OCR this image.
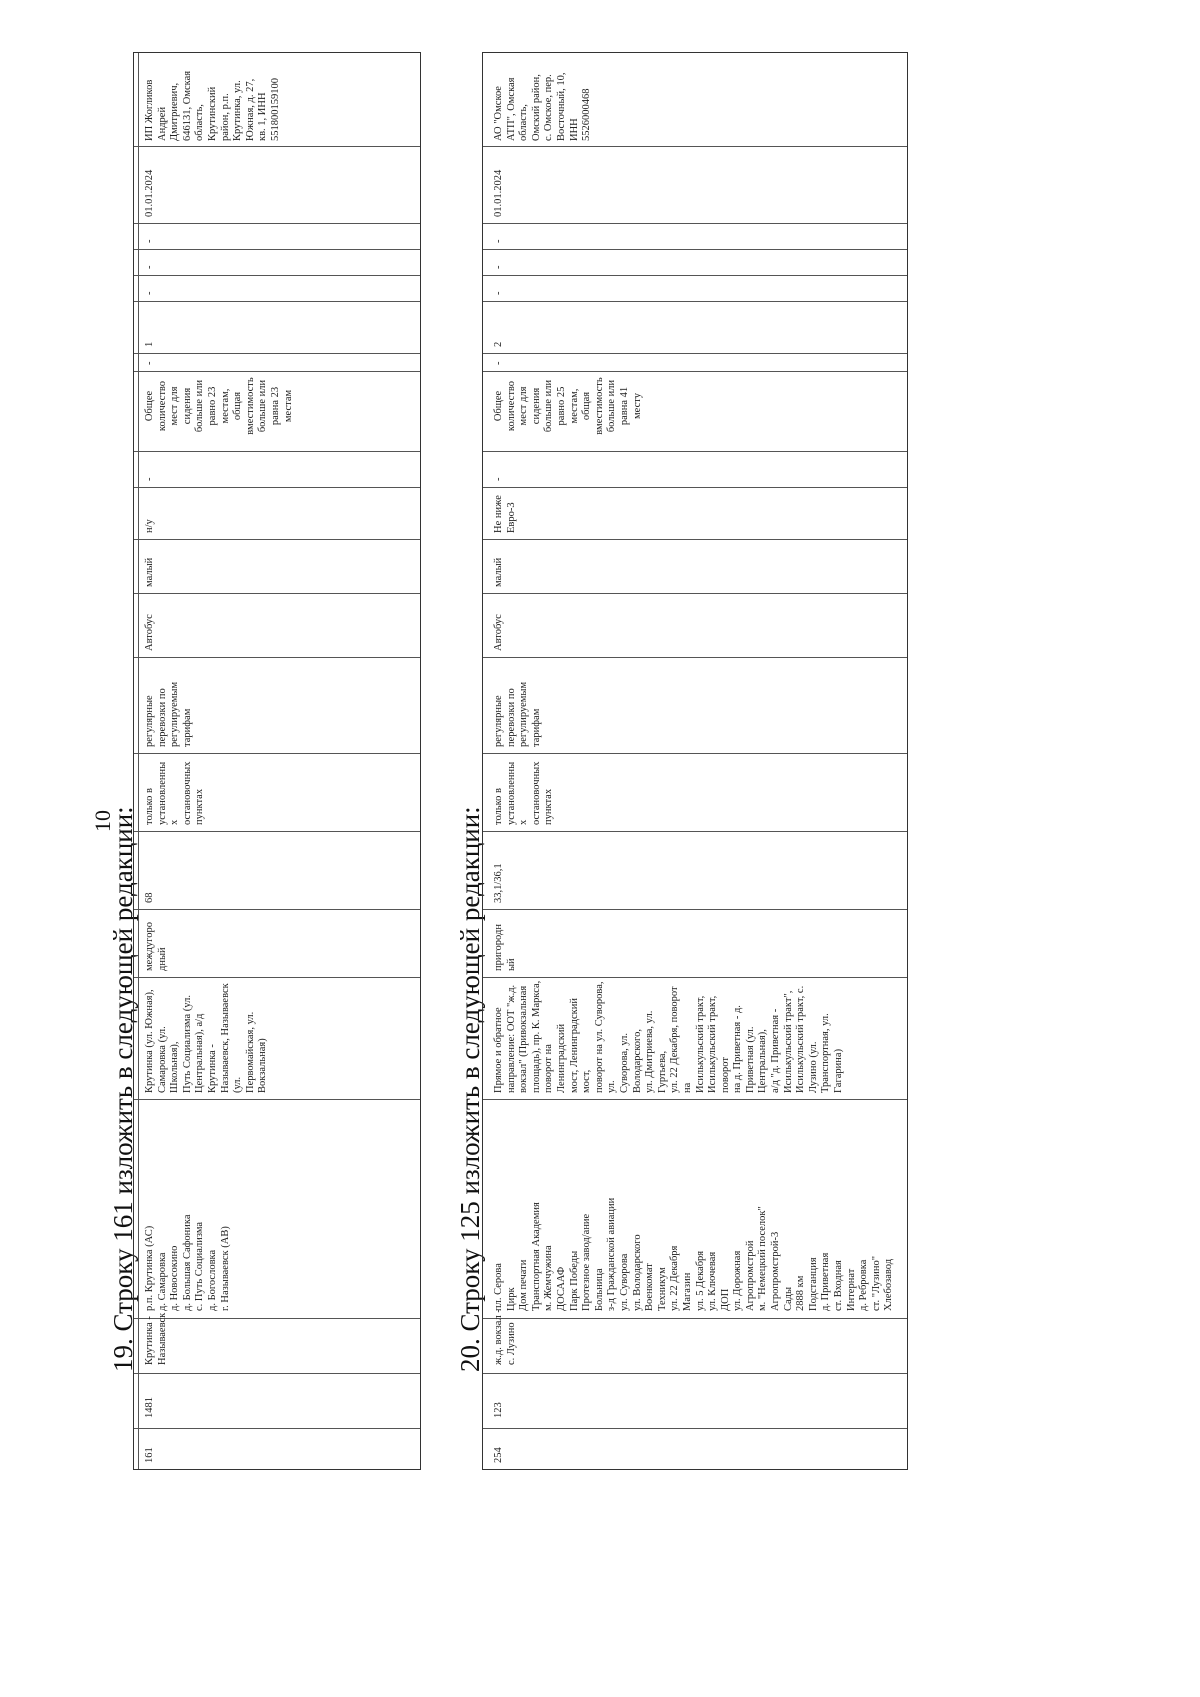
10
19. Строку 161 изложить в следующей редакции:
161
1481
Крутинка - Называевск
р.п. Крутинка (АС)
д. Самаровка
д. Новосокино
д. Большая Сафоника
с. Путь Социализма
д. Богословка
г. Называевск (АВ)
Крутинка (ул. Южная),
Самаровка (ул. Школьная),
Путь Социализма (ул.
Центральная), а/д Крутинка -
Называевск, Называевск (ул.
Первомайская, ул.
Вокзальная)
междугоро
дный
68
только в
установленны
х
остановочных
пунктах
регулярные
перевозки по
регулируемым
тарифам
Автобус
малый
н/у
-
Общее
количество
мест для
сидения
больше или
равно 23
местам,
общая
вместимость
больше или
равна 23
местам
-
1
-
-
-
01.01.2024
ИП Жогликов
Андрей
Дмитриевич,
646131, Омская
область,
Крутинский
район, р.п.
Крутинка, ул.
Южная, д. 27,
кв. 1, ИНН
551800159100
20. Строку 125 изложить в следующей редакции:
254
123
ж.д. вокзал -
с. Лузино
пл. Серова
Цирк
Дом печати
Транспортная Академия
м. Жемчужина
ДОСААФ
Парк Победы
Протезное завод/ание
Больница
з-д Гражданской авиации
ул. Суворова
ул. Володарского
Военкомат
Техникум
ул. 22 Декабря
Магазин
ул. 5 Декабря
ул. Ключевая
ДОП
ул. Дорожная
Агропромстрой
м. "Немецкий поселок"
Агропромстрой-3
Сады
2888 км
Подстанция
д. Приветная
ст. Входная
Интернат
д. Ребровка
ст. "Лузино"
Хлебозавод
Прямое и обратное
направление: ООТ "ж.д.
вокзал" (Привокзальная
площадь), пр. К. Маркса,
поворот на Ленинградский
мост, Ленинградский мост,
поворот на ул. Суворова, ул.
Суворова, ул. Володарского,
ул. Дмитриева, ул. Гуртьева,
ул. 22 Декабря, поворот на
Исилькульский тракт,
Исилькульский тракт, поворот
на д. Приветная - д.
Приветная (ул. Центральная),
а/д "д. Приветная -
Исилькульский тракт",
Исилькульский тракт, с.
Лузино (ул. Транспортная, ул.
Гагарина)
пригородн
ый
33,1/36,1
только в
установленны
х
остановочных
пунктах
регулярные
перевозки по
регулируемым
тарифам
Автобус
малый
Не ниже
Евро-3
-
Общее
количество
мест для
сидения
больше или
равно 25
местам,
общая
вместимость
больше или
равна 41
месту
-
2
-
-
-
01.01.2024
АО "Омскоe
АТП", Омская
область,
Омский район,
с. Омское, пер.
Восточный, 10,
ИНН
5526000468
